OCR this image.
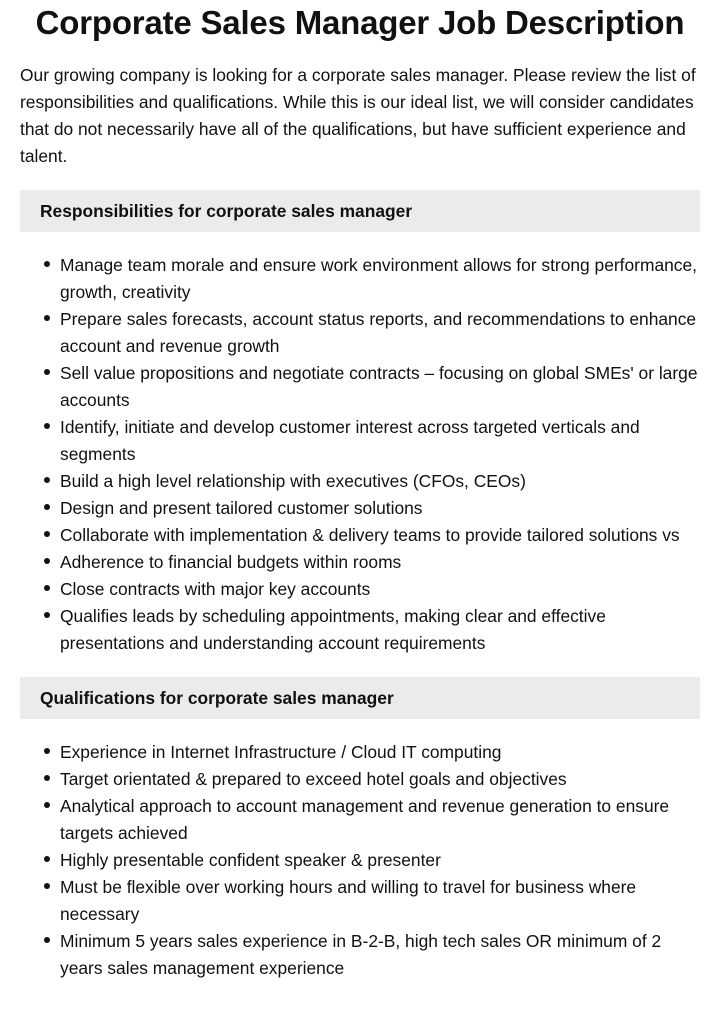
Corporate Sales Manager Job Description

Our growing company is looking for a corporate sales manager. Please review the list of responsibilities and qualifications. While this is our ideal list, we will consider candidates that do not necessarily have all of the qualifications, but have sufficient experience and talent.

Responsibilities for corporate sales manager
Manage team morale and ensure work environment allows for strong performance, growth, creativity
Prepare sales forecasts, account status reports, and recommendations to enhance account and revenue growth
Sell value propositions and negotiate contracts – focusing on global SMEs' or large accounts
Identify, initiate and develop customer interest across targeted verticals and segments
Build a high level relationship with executives (CFOs, CEOs)
Design and present tailored customer solutions
Collaborate with implementation & delivery teams to provide tailored solutions vs
Adherence to financial budgets within rooms
Close contracts with major key accounts
Qualifies leads by scheduling appointments, making clear and effective presentations and understanding account requirements
Qualifications for corporate sales manager
Experience in Internet Infrastructure / Cloud IT computing
Target orientated & prepared to exceed hotel goals and objectives
Analytical approach to account management and revenue generation to ensure targets achieved
Highly presentable confident speaker & presenter
Must be flexible over working hours and willing to travel for business where necessary
Minimum 5 years sales experience in B-2-B, high tech sales OR minimum of 2 years sales management experience
